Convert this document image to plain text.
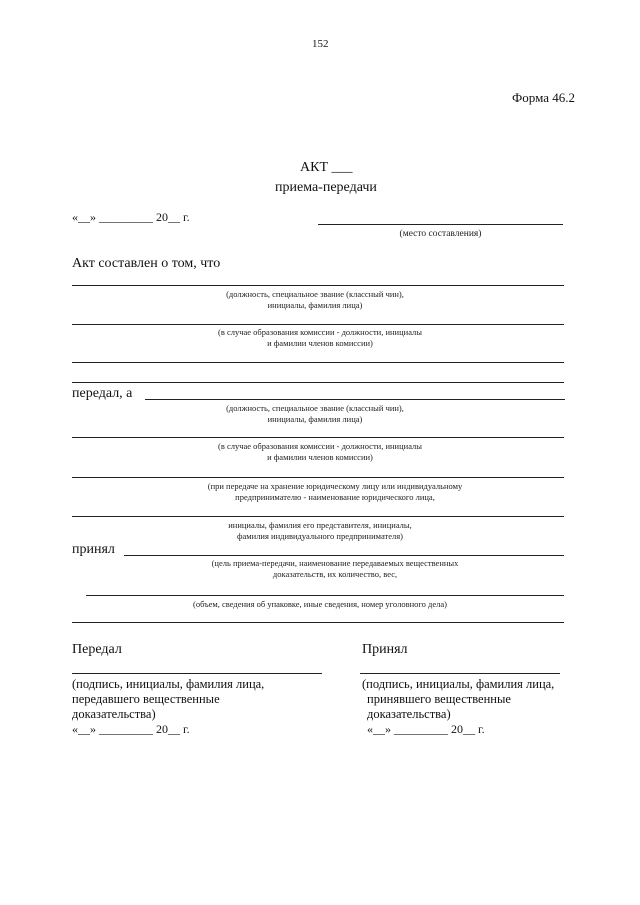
152
Форма 46.2
АКТ ___
приема-передачи
«__» _________ 20__ г.
(место составления)
Акт составлен о том, что
(должность, специальное звание (классный чин),
инициалы, фамилия лица)
(в случае образования комиссии - должности, инициалы
и фамилии членов комиссии)
передал, а
(должность, специальное звание (классный чин),
инициалы, фамилия лица)
(в случае образования комиссии - должности, инициалы
и фамилии членов комиссии)
(при передаче на хранение юридическому лицу или индивидуальному
предпринимателю - наименование юридического лица,
инициалы, фамилия его представителя, инициалы,
фамилия индивидуального предпринимателя)
принял
(цель приема-передачи, наименование передаваемых вещественных
доказательств, их количество, вес,
(объем, сведения об упаковке, иные сведения, номер уголовного дела)
Передал
(подпись, инициалы, фамилия лица,
передавшего вещественные
доказательства)
«__» _________ 20__ г.
Принял
(подпись, инициалы, фамилия лица,
принявшего вещественные
доказательства)
«__» _________ 20__ г.
